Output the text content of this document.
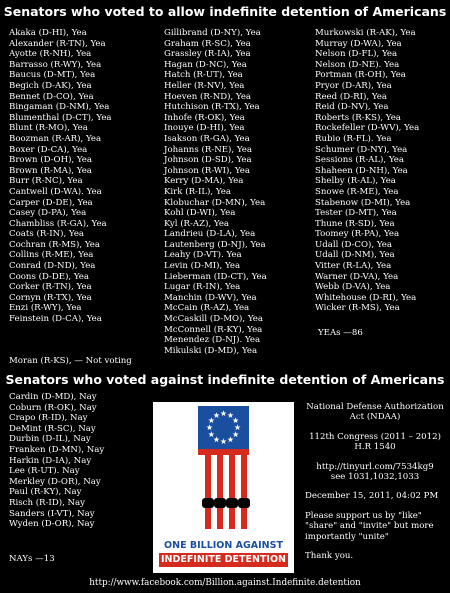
Senators who voted to allow indefinite detention of Americans
Akaka (D-HI), Yea
Alexander (R-TN), Yea
Ayotte (R-NH), Yea
Barrasso (R-WY), Yea
Baucus (D-MT), Yea
Begich (D-AK), Yea
Bennet (D-CO), Yea
Bingaman (D-NM), Yea
Blumenthal (D-CT), Yea
Blunt (R-MO), Yea
Boozman (R-AR), Yea
Boxer (D-CA), Yea
Brown (D-OH), Yea
Brown (R-MA), Yea
Burr (R-NC), Yea
Cantwell (D-WA). Yea
Carper (D-DE), Yea
Casey (D-PA), Yea
Chambliss (R-GA), Yea
Coats (R-IN), Yea
Cochran (R-MS), Yea
Collins (R-ME), Yea
Conrad (D-ND), Yea
Coons (D-DE), Yea
Corker (R-TN), Yea
Cornyn (R-TX), Yea
Enzi (R-WY), Yea
Feinstein (D-CA), Yea
Gillibrand (D-NY), Yea
Graham (R-SC), Yea
Grassley (R-IA), Yea
Hagan (D-NC), Yea
Hatch (R-UT), Yea
Heller (R-NV), Yea
Hoeven (R-ND), Yea
Hutchison (R-TX), Yea
Inhofe (R-OK), Yea
Inouye (D-HI), Yea
Isakson (R-GA), Yea
Johanns (R-NE), Yea
Johnson (D-SD), Yea
Johnson (R-WI), Yea
Kerry (D-MA), Yea
Kirk (R-IL), Yea
Klobuchar (D-MN), Yea
Kohl (D-WI), Yea
Kyl (R-AZ), Yea
Landrieu (D-LA), Yea
Lautenberg (D-NJ), Yea
Leahy (D-VT). Yea
Levin (D-MI), Yea
Lieberman (ID-CT), Yea
Lugar (R-IN), Yea
Manchin (D-WV), Yea
McCain (R-AZ), Yea
McCaskill (D-MO), Yea
McConnell (R-KY), Yea
Menendez (D-NJ). Yea
Mikulski (D-MD), Yea
Murkowski (R-AK), Yea
Murray (D-WA), Yea
Nelson (D-FL), Yea
Nelson (D-NE). Yea
Portman (R-OH), Yea
Pryor (D-AR), Yea
Reed (D-RI), Yea
Reid (D-NV), Yea
Roberts (R-KS), Yea
Rockefeller (D-WV), Yea
Rubio (R-FL). Yea
Schumer (D-NY), Yea
Sessions (R-AL), Yea
Shaheen (D-NH), Yea
Shelby (R-AL), Yea
Snowe (R-ME), Yea
Stabenow (D-MI), Yea
Tester (D-MT), Yea
Thune (R-SD), Yea
Toomey (R-PA), Yea
Udall (D-CO), Yea
Udall (D-NM), Yea
Vitter (R-LA), Yea
Warner (D-VA), Yea
Webb (D-VA), Yea
Whitehouse (D-RI), Yea
Wicker (R-MS), Yea
YEAs —86
Moran (R-KS), — Not voting
Senators who voted against indefinite detention of Americans
Cardin (D-MD), Nay
Coburn (R-OK), Nay
Crapo (R-ID), Nay
DeMint (R-SC), Nay
Durbin (D-IL), Nay
Franken (D-MN), Nay
Harkin (D-IA), Nay
Lee (R-UT). Nay
Merkley (D-OR), Nay
Paul (R-KY), Nay
Risch (R-ID), Nay
Sanders (I-VT), Nay
Wyden (D-OR), Nay
NAYs —13
ONE BILLION AGAINST
INDEFINITE DETENTION
National Defense Authorization Act (NDAA)
112th Congress (2011 – 2012) H.R 1540
http://tinyurl.com/7534kg9
see 1031,1032,1033
December 15, 2011, 04:02 PM
Please support us by "like" "share" and "invite" but more importantly "unite"
Thank you.
http://www.facebook.com/Billion.against.Indefinite.detention
